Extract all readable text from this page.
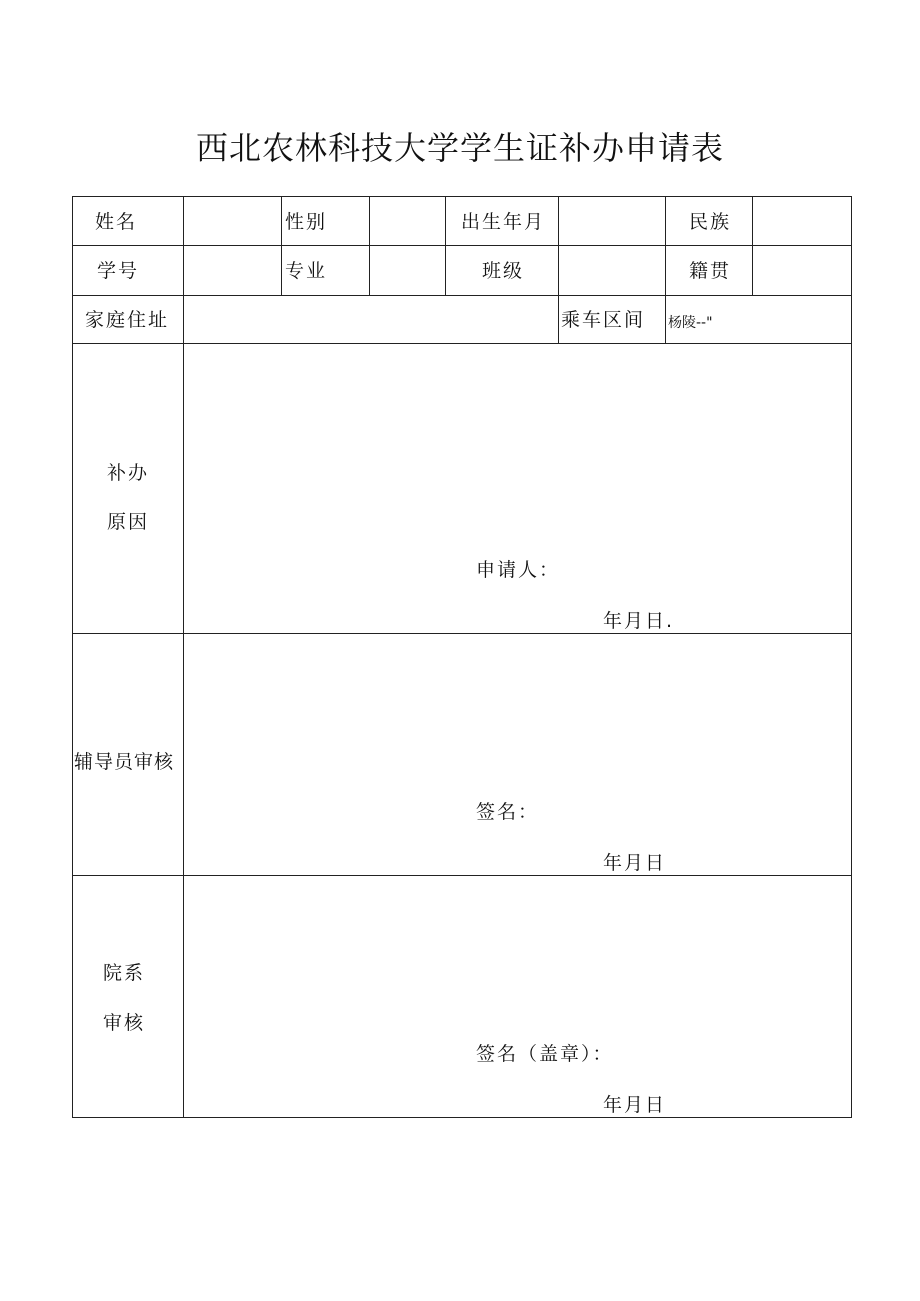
西北农林科技大学学生证补办申请表
姓名	性别	出生年月	民族
学号	专业	班级	籍贯
家庭住址	乘车区间 杨陵--"
补办
原因
申请人：
年月日.
辅导员审核
签名：
年月日
院系
审核
签名（盖章）：
年月日
